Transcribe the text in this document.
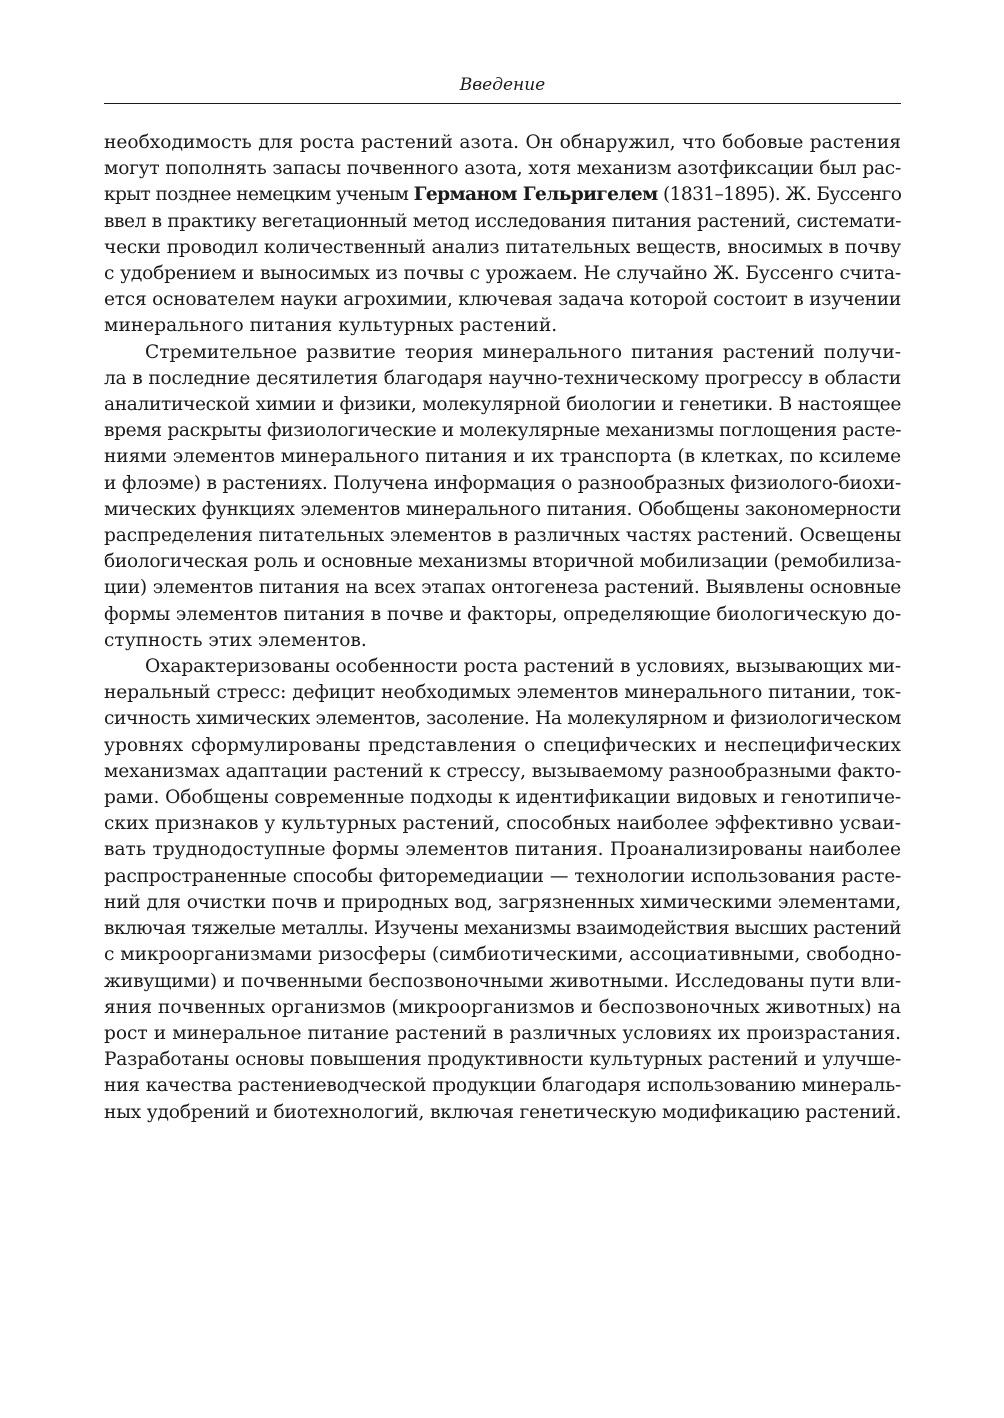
Введение
необходимость для роста растений азота. Он обнаружил, что бобовые растения
могут пополнять запасы почвенного азота, хотя механизм азотфиксации был рас-
крыт позднее немецким ученым Германом Гельригелем (1831–1895). Ж. Буссенго
ввел в практику вегетационный метод исследования питания растений, системати-
чески проводил количественный анализ питательных веществ, вносимых в почву
с удобрением и выносимых из почвы с урожаем. Не случайно Ж. Буссенго счита-
ется основателем науки агрохимии, ключевая задача которой состоит в изучении
минерального питания культурных растений.
Стремительное развитие теория минерального питания растений получи-
ла в последние десятилетия благодаря научно-техническому прогрессу в области
аналитической химии и физики, молекулярной биологии и генетики. В настоящее
время раскрыты физиологические и молекулярные механизмы поглощения расте-
ниями элементов минерального питания и их транспорта (в клетках, по ксилеме
и флоэме) в растениях. Получена информация о разнообразных физиолого-биохи-
мических функциях элементов минерального питания. Обобщены закономерности
распределения питательных элементов в различных частях растений. Освещены
биологическая роль и основные механизмы вторичной мобилизации (ремобилиза-
ции) элементов питания на всех этапах онтогенеза растений. Выявлены основные
формы элементов питания в почве и факторы, определяющие биологическую до-
ступность этих элементов.
Охарактеризованы особенности роста растений в условиях, вызывающих ми-
неральный стресс: дефицит необходимых элементов минерального питании, ток-
сичность химических элементов, засоление. На молекулярном и физиологическом
уровнях сформулированы представления о специфических и неспецифических
механизмах адаптации растений к стрессу, вызываемому разнообразными факто-
рами. Обобщены современные подходы к идентификации видовых и генотипиче-
ских признаков у культурных растений, способных наиболее эффективно усваи-
вать труднодоступные формы элементов питания. Проанализированы наиболее
распространенные способы фиторемедиации — технологии использования расте-
ний для очистки почв и природных вод, загрязненных химическими элементами,
включая тяжелые металлы. Изучены механизмы взаимодействия высших растений
с микроорганизмами ризосферы (симбиотическими, ассоциативными, свободно-
живущими) и почвенными беспозвоночными животными. Исследованы пути вли-
яния почвенных организмов (микроорганизмов и беспозвоночных животных) на
рост и минеральное питание растений в различных условиях их произрастания.
Разработаны основы повышения продуктивности культурных растений и улучше-
ния качества растениеводческой продукции благодаря использованию минераль-
ных удобрений и биотехнологий, включая генетическую модификацию растений.
